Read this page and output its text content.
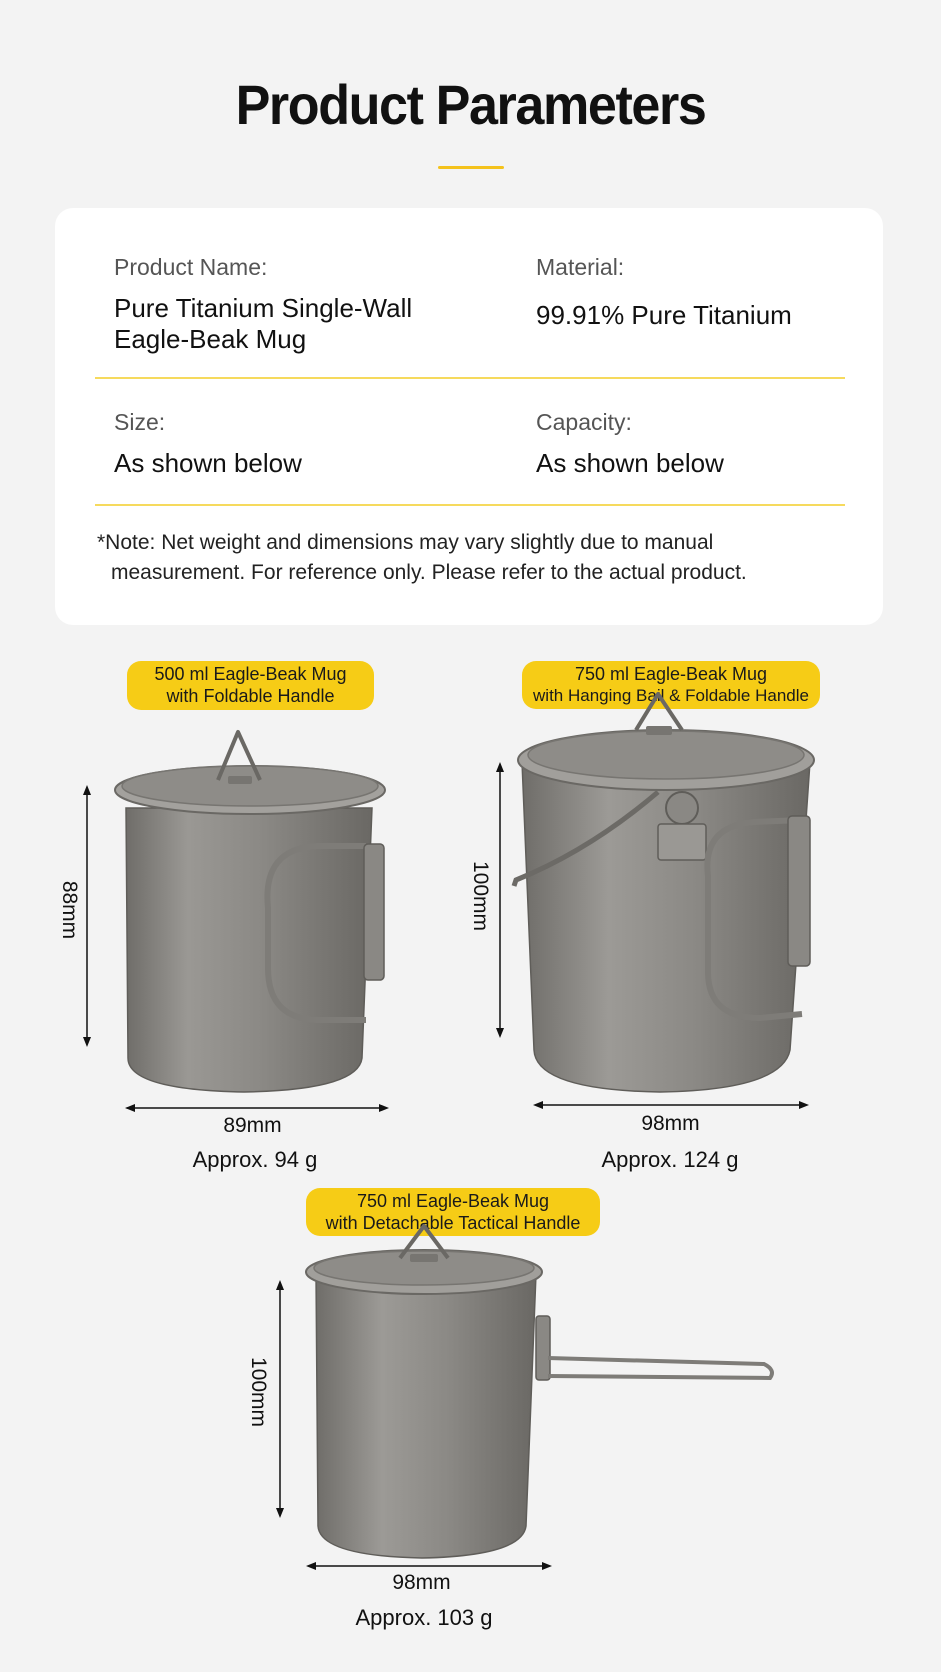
Product Parameters
Product Name:
Pure Titanium Single-Wall
Eagle-Beak Mug
Material:
99.91% Pure Titanium
Size:
As shown below
Capacity:
As shown below
*Note: Net weight and dimensions may vary slightly due to manual
measurement. For reference only. Please refer to the actual product.
500 ml Eagle-Beak Mug
with Foldable Handle
88mm
89mm
Approx. 94 g
750 ml Eagle-Beak Mug
with Hanging Bail & Foldable Handle
100mm
98mm
Approx. 124 g
750 ml Eagle-Beak Mug
with Detachable Tactical Handle
100mm
98mm
Approx. 103 g
